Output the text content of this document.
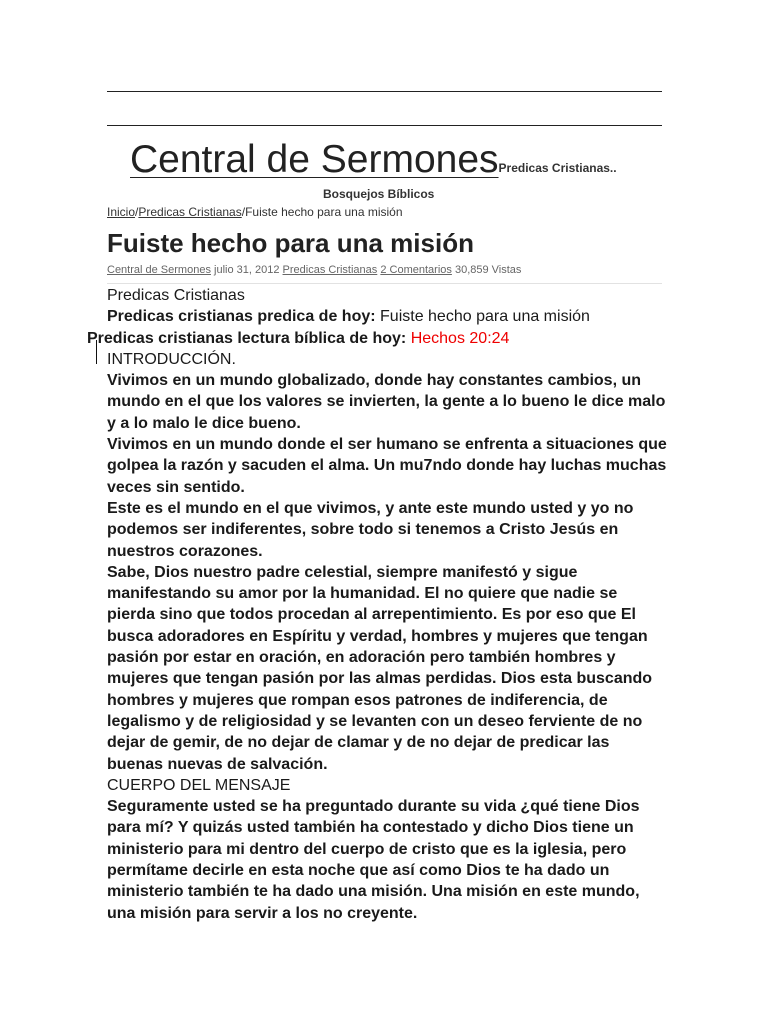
Central de SermonesPredicas Cristianas..
Bosquejos Bíblicos
Inicio/Predicas Cristianas/Fuiste hecho para una misión
Fuiste hecho para una misión
Central de Sermones julio 31, 2012 Predicas Cristianas 2 Comentarios 30,859 Vistas

Predicas Cristianas

Predicas cristianas predica de hoy: Fuiste hecho para una misión

Predicas cristianas lectura bíblica de hoy: Hechos 20:24

INTRODUCCIÓN.

Vivimos en un mundo globalizado, donde hay constantes cambios, un mundo en el que los valores se invierten, la gente a lo bueno le dice malo y a lo malo le dice bueno.

Vivimos en un mundo donde el ser humano se enfrenta a situaciones que golpea la razón y sacuden el alma. Un mu7ndo donde hay luchas muchas veces sin sentido.

Este es el mundo en el que vivimos, y ante este mundo usted y yo no podemos ser indiferentes, sobre todo si tenemos a Cristo Jesús en nuestros corazones.

Sabe, Dios nuestro padre celestial, siempre manifestó y sigue manifestando su amor por la humanidad. El no quiere que nadie se pierda sino que todos procedan al arrepentimiento. Es por eso que El busca adoradores en Espíritu y verdad, hombres y mujeres que tengan pasión por estar en oración, en adoración pero también hombres y mujeres que tengan pasión por las almas perdidas. Dios esta buscando hombres y mujeres que rompan esos patrones de indiferencia, de legalismo y de religiosidad y se levanten con un deseo ferviente de no dejar de gemir, de no dejar de clamar y de no dejar de predicar las buenas nuevas de salvación.

CUERPO DEL MENSAJE

Seguramente usted se ha preguntado durante su vida ¿qué tiene Dios para mí? Y quizás usted también ha contestado y dicho Dios tiene un ministerio para mi dentro del cuerpo de cristo que es la iglesia, pero permítame decirle en esta noche que así como Dios te ha dado un ministerio también te ha dado una misión. Una misión en este mundo, una misión para servir a los no creyente.
